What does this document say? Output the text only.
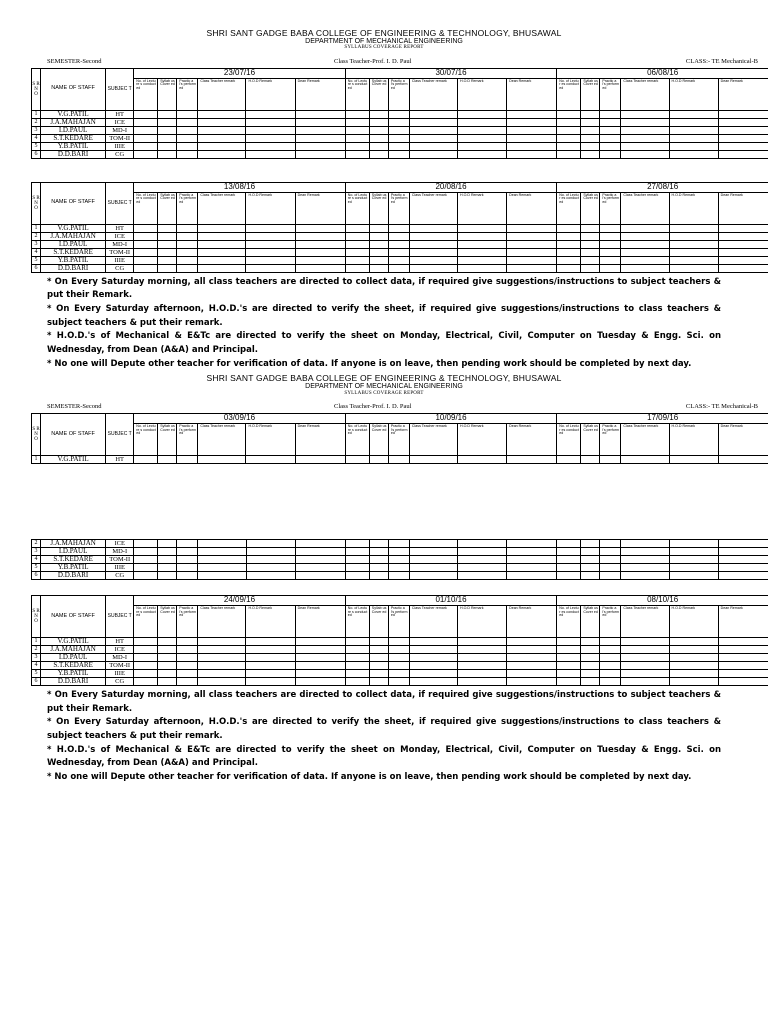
SHRI SANT GADGE BABA COLLEGE OF ENGINEERING & TECHNOLOGY, BHUSAWAL
DEPARTMENT OF MECHANICAL ENGINEERING
SYLLABUS COVERAGE REPORT
SEMESTER-Second	Class Teacher-Prof. I. D. Paul	CLASS:- TE Mechanical-B
S R N O	NAME OF STAFF	SUBJEC T	23/07/16						30/07/16						06/08/16					
			No. of Lecture s conduct ed	Syllab us Cover ed	Practic al's perform ed	Class Teacher remark	H.O.D Remark	Dean Remark	No. of Lecture s conduct ed	Syllab us Cover ed	Practic al's perform ed	Class Teacher remark	H.O.D Remark	Dean Remark	No. of Lectur es conducted	Syllab us Cover ed	Practic al's perform ed	Class Teacher remark	H.O.D Remark	Dean Remark
1	V.G.PATIL	HT																		
2	J.A.MAHAJAN	ICE																		
3	I.D.PAUL	MD-I																		
4	S.T.KEDARE	TOM-II																		
5	Y.B.PATIL	IIIE																		
6	D.D.BARI	CG																		
S R N O	NAME OF STAFF	SUBJEC T	13/08/16						20/08/16						27/08/16					
			No. of Lecture s conduct ed	Syllab us Cover ed	Practic al's perform ed	Class Teacher remark	H.O.D Remark	Dean Remark	No. of Lecture s conduct ed	Syllab us Cover ed	Practic al's perform ed	Class Teacher remark	H.O.D Remark	Dean Remark	No. of Lectur es conducted	Syllab us Cover ed	Practic al's perform ed	Class Teacher remark	H.O.D Remark	Dean Remark
1	V.G.PATIL	HT																		
2	J.A.MAHAJAN	ICE																		
3	I.D.PAUL	MD-I																		
4	S.T.KEDARE	TOM-II																		
5	Y.B.PATIL	IIIE																		
6	D.D.BARI	CG																		

* On Every Saturday morning, all class teachers are directed to collect data, if required give suggestions/instructions to subject teachers & put their Remark.

* On Every Saturday afternoon, H.O.D.'s are directed to verify the sheet, if required give suggestions/instructions to class teachers & subject teachers & put their remark.

* H.O.D.'s of Mechanical & E&Tc are directed to verify the sheet on Monday, Electrical, Civil, Computer on Tuesday & Engg. Sci. on Wednesday, from Dean (A&A) and Principal.

* No one will Depute other teacher for verification of data. If anyone is on leave, then pending work should be completed by next day.

SHRI SANT GADGE BABA COLLEGE OF ENGINEERING & TECHNOLOGY, BHUSAWAL
DEPARTMENT OF MECHANICAL ENGINEERING
SYLLABUS COVERAGE REPORT
SEMESTER-Second	Class Teacher-Prof. I. D. Paul	CLASS:- TE Mechanical-B
S R N O	NAME OF STAFF	SUBJEC T	03/09/16						10/09/16						17/09/16					
			No. of Lecture s conduct ed	Syllab us Cover ed	Practic al's perform ed	Class Teacher remark	H.O.D Remark	Dean Remark	No. of Lecture s conduct ed	Syllab us Cover ed	Practic al's perform ed	Class Teacher remark	H.O.D Remark	Dean Remark	No. of Lectur es conducted	Syllab us Cover ed	Practic al's perform ed	Class Teacher remark	H.O.D Remark	Dean Remark
1	V.G.PATIL	HT																		
2	J.A.MAHAJAN	ICE																		
3	I.D.PAUL	MD-I																		
4	S.T.KEDARE	TOM-II																		
5	Y.B.PATIL	IIIE																		
6	D.D.BARI	CG																		
S R N O	NAME OF STAFF	SUBJEC T	24/09/16						01/10/16						08/10/16					
			No. of Lecture s conduct ed	Syllab us Cover ed	Practic al's perform ed	Class Teacher remark	H.O.D Remark	Dean Remark	No. of Lecture s conduct ed	Syllab us Cover ed	Practic al's perform ed	Class Teacher remark	H.O.D Remark	Dean Remark	No. of Lectur es conducted	Syllab us Cover ed	Practic al's perform ed	Class Teacher remark	H.O.D Remark	Dean Remark
1	V.G.PATIL	HT																		
2	J.A.MAHAJAN	ICE																		
3	I.D.PAUL	MD-I																		
4	S.T.KEDARE	TOM-II																		
5	Y.B.PATIL	IIIE																		
6	D.D.BARI	CG																		

* On Every Saturday morning, all class teachers are directed to collect data, if required give suggestions/instructions to subject teachers & put their Remark.

* On Every Saturday afternoon, H.O.D.'s are directed to verify the sheet, if required give suggestions/instructions to class teachers & subject teachers & put their remark.

* H.O.D.'s of Mechanical & E&Tc are directed to verify the sheet on Monday, Electrical, Civil, Computer on Tuesday & Engg. Sci. on Wednesday, from Dean (A&A) and Principal.

* No one will Depute other teacher for verification of data. If anyone is on leave, then pending work should be completed by next day.
